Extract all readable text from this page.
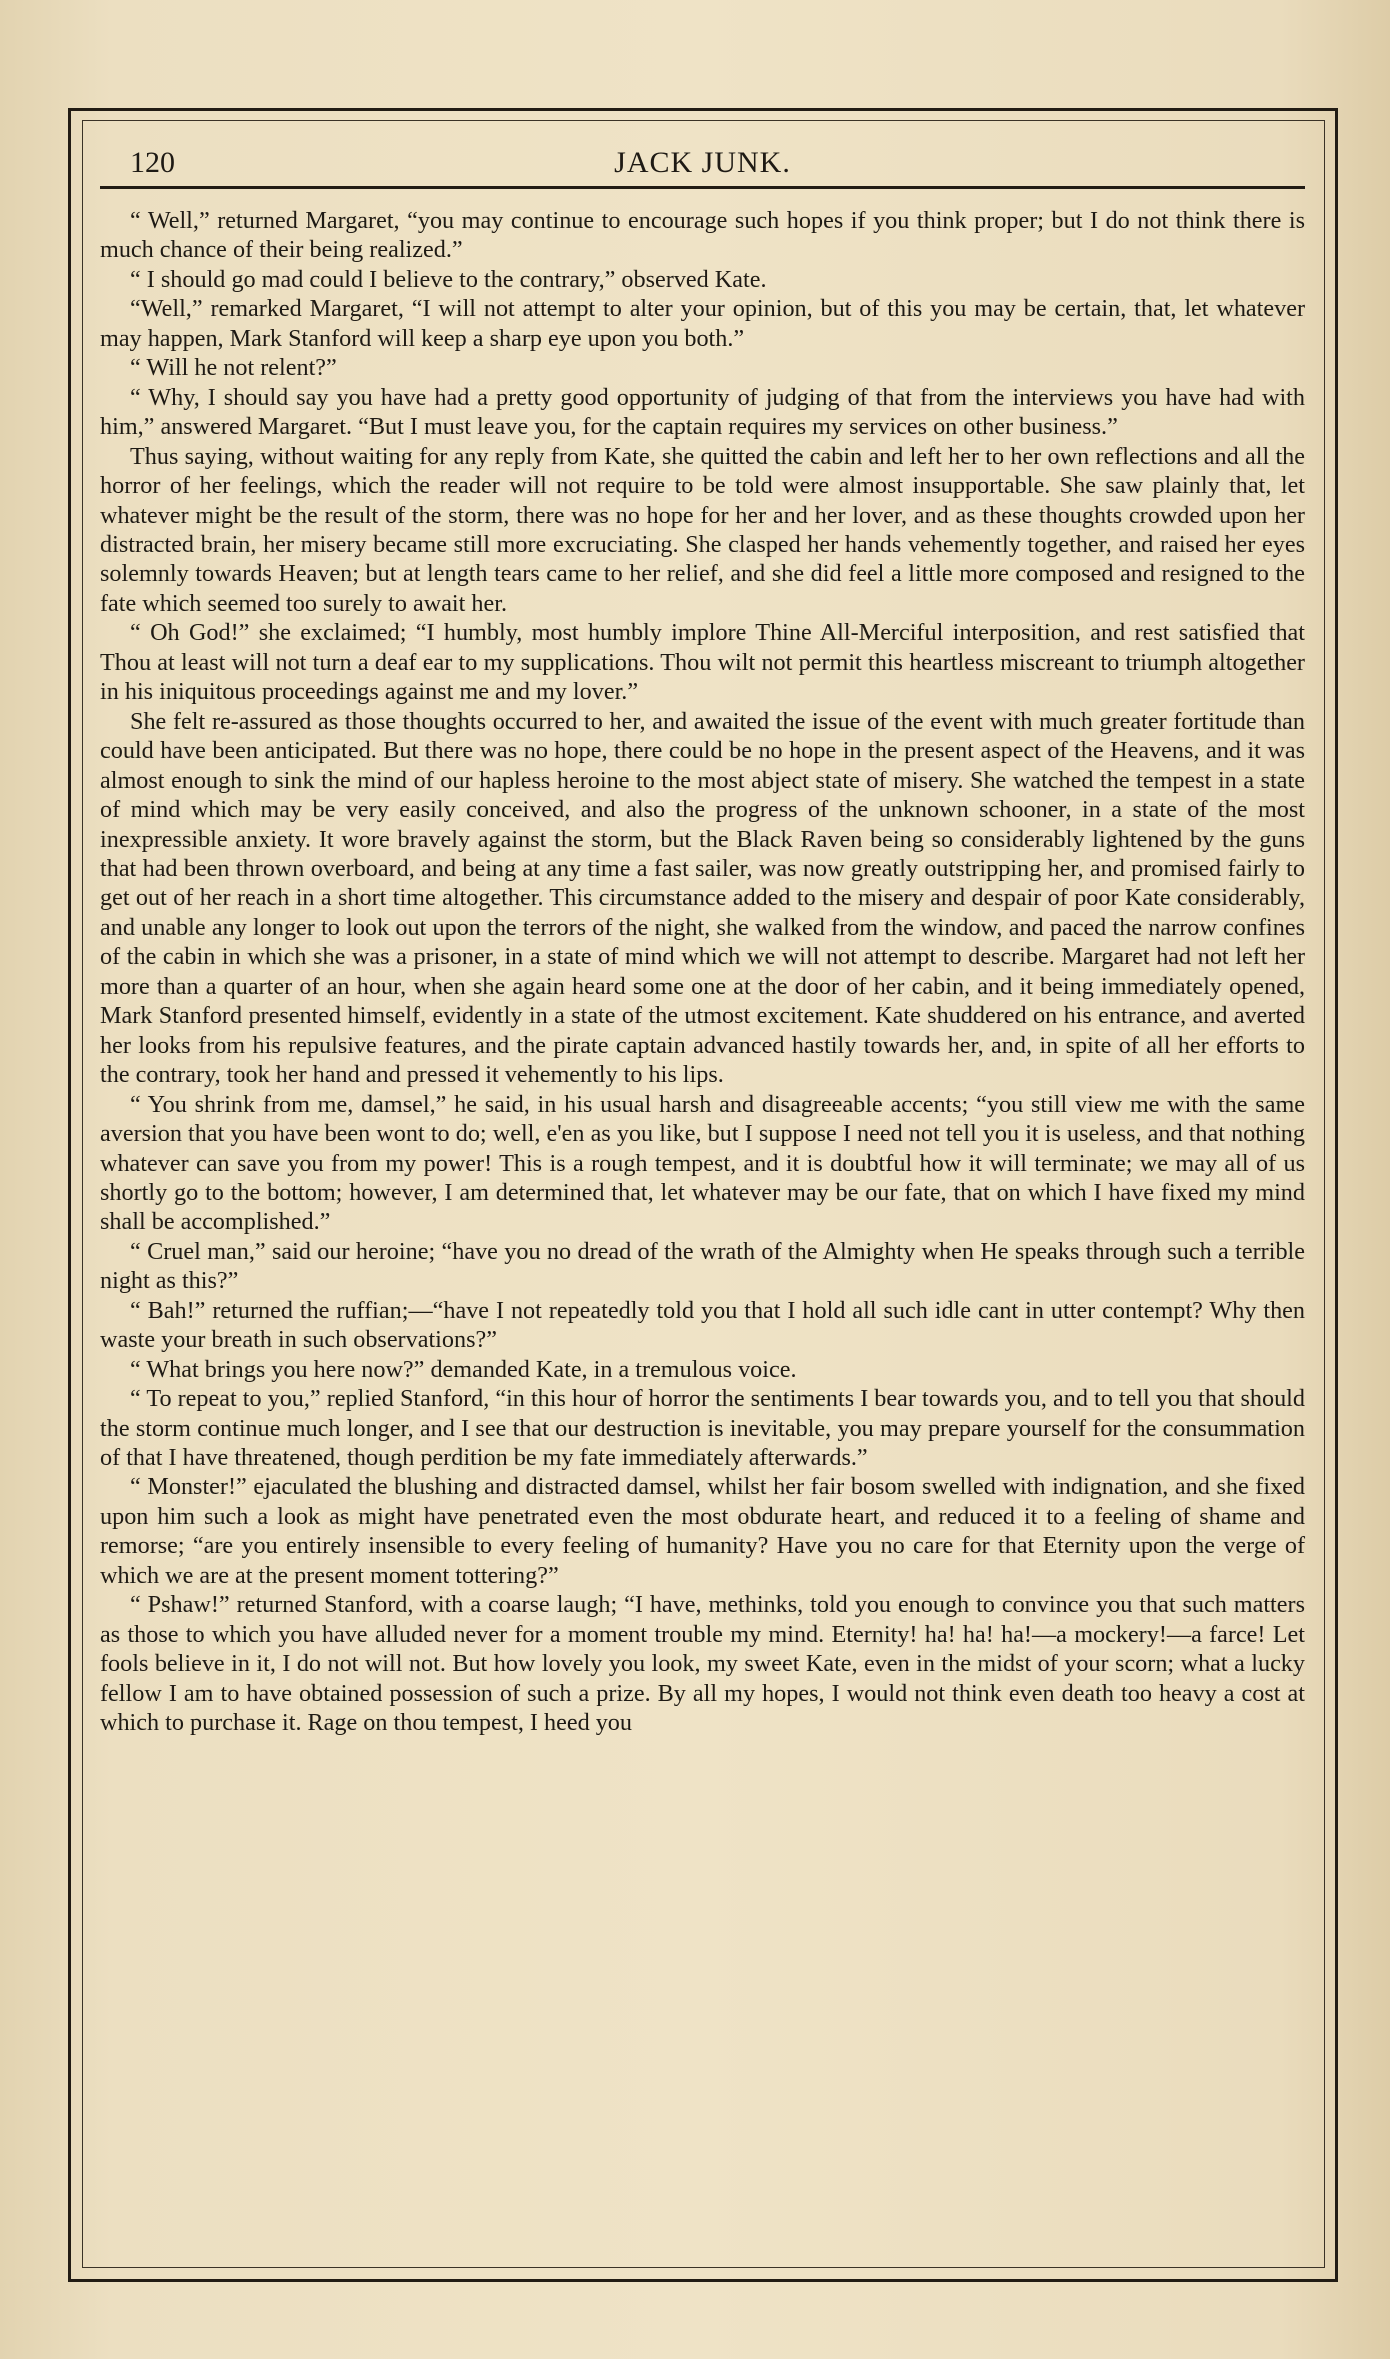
120	JACK JUNK.

“ Well,” returned Margaret, “you may continue to encourage such hopes if you think proper; but I do not think there is much chance of their being realized.”

“ I should go mad could I believe to the contrary,” observed Kate.

“Well,” remarked Margaret, “I will not attempt to alter your opinion, but of this you may be certain, that, let whatever may happen, Mark Stanford will keep a sharp eye upon you both.”

“ Will he not relent?”

“ Why, I should say you have had a pretty good opportunity of judging of that from the interviews you have had with him,” answered Margaret. “But I must leave you, for the captain requires my services on other business.”

Thus saying, without waiting for any reply from Kate, she quitted the cabin and left her to her own reflections and all the horror of her feelings, which the reader will not require to be told were almost insupportable. She saw plainly that, let whatever might be the result of the storm, there was no hope for her and her lover, and as these thoughts crowded upon her distracted brain, her misery became still more excruciating. She clasped her hands vehemently together, and raised her eyes solemnly towards Heaven; but at length tears came to her relief, and she did feel a little more composed and resigned to the fate which seemed too surely to await her.

“ Oh God!” she exclaimed; “I humbly, most humbly implore Thine All-Merciful interposition, and rest satisfied that Thou at least will not turn a deaf ear to my supplications. Thou wilt not permit this heartless miscreant to triumph altogether in his iniquitous proceedings against me and my lover.”

She felt re-assured as those thoughts occurred to her, and awaited the issue of the event with much greater fortitude than could have been anticipated. But there was no hope, there could be no hope in the present aspect of the Heavens, and it was almost enough to sink the mind of our hapless heroine to the most abject state of misery. She watched the tempest in a state of mind which may be very easily conceived, and also the progress of the unknown schooner, in a state of the most inexpressible anxiety. It wore bravely against the storm, but the Black Raven being so considerably lightened by the guns that had been thrown overboard, and being at any time a fast sailer, was now greatly outstripping her, and promised fairly to get out of her reach in a short time altogether. This circumstance added to the misery and despair of poor Kate considerably, and unable any longer to look out upon the terrors of the night, she walked from the window, and paced the narrow confines of the cabin in which she was a prisoner, in a state of mind which we will not attempt to describe. Margaret had not left her more than a quarter of an hour, when she again heard some one at the door of her cabin, and it being immediately opened, Mark Stanford presented himself, evidently in a state of the utmost excitement. Kate shuddered on his entrance, and averted her looks from his repulsive features, and the pirate captain advanced hastily towards her, and, in spite of all her efforts to the contrary, took her hand and pressed it vehemently to his lips.

“ You shrink from me, damsel,” he said, in his usual harsh and disagreeable accents; “you still view me with the same aversion that you have been wont to do; well, e'en as you like, but I suppose I need not tell you it is useless, and that nothing whatever can save you from my power! This is a rough tempest, and it is doubtful how it will terminate; we may all of us shortly go to the bottom; however, I am determined that, let whatever may be our fate, that on which I have fixed my mind shall be accomplished.”

“ Cruel man,” said our heroine; “have you no dread of the wrath of the Almighty when He speaks through such a terrible night as this?”

“ Bah!” returned the ruffian;—“have I not repeatedly told you that I hold all such idle cant in utter contempt? Why then waste your breath in such observations?”

“ What brings you here now?” demanded Kate, in a tremulous voice.

“ To repeat to you,” replied Stanford, “in this hour of horror the sentiments I bear towards you, and to tell you that should the storm continue much longer, and I see that our destruction is inevitable, you may prepare yourself for the consummation of that I have threatened, though perdition be my fate immediately afterwards.”

“ Monster!” ejaculated the blushing and distracted damsel, whilst her fair bosom swelled with indignation, and she fixed upon him such a look as might have penetrated even the most obdurate heart, and reduced it to a feeling of shame and remorse; “are you entirely insensible to every feeling of humanity? Have you no care for that Eternity upon the verge of which we are at the present moment tottering?”

“ Pshaw!” returned Stanford, with a coarse laugh; “I have, methinks, told you enough to convince you that such matters as those to which you have alluded never for a moment trouble my mind. Eternity! ha! ha! ha!—a mockery!—a farce! Let fools believe in it, I do not will not. But how lovely you look, my sweet Kate, even in the midst of your scorn; what a lucky fellow I am to have obtained possession of such a prize. By all my hopes, I would not think even death too heavy a cost at which to purchase it. Rage on thou tempest, I heed you
